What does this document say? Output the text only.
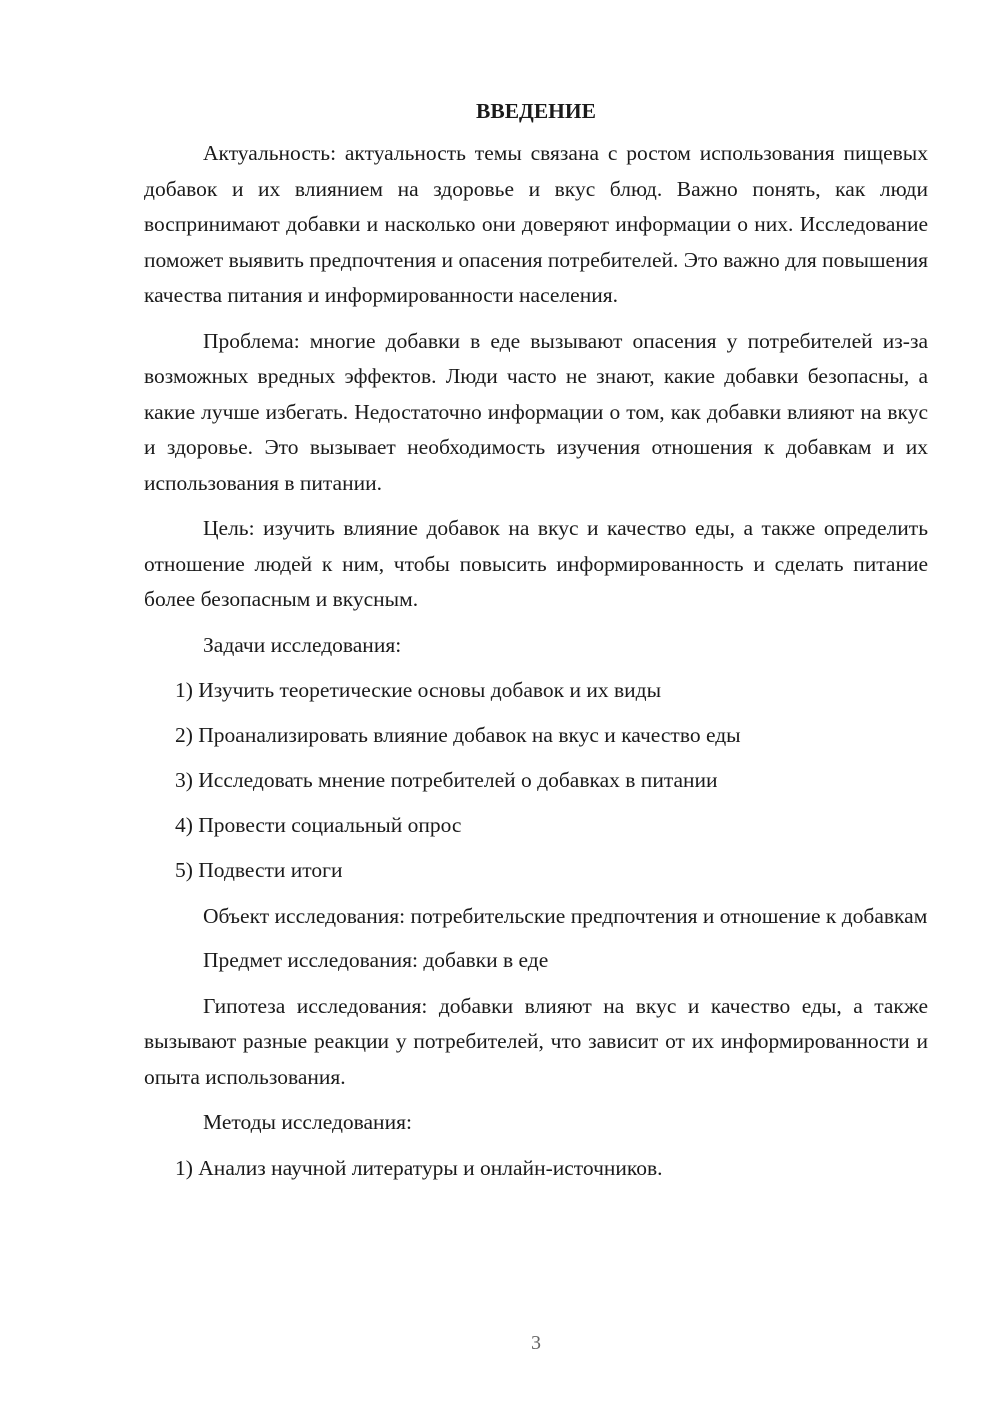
ВВЕДЕНИЕ

Актуальность: актуальность темы связана с ростом использования пищевых добавок и их влиянием на здоровье и вкус блюд. Важно понять, как люди воспринимают добавки и насколько они доверяют информации о них. Исследование поможет выявить предпочтения и опасения потребителей. Это важно для повышения качества питания и информированности населения.

Проблема: многие добавки в еде вызывают опасения у потребителей из-за возможных вредных эффектов. Люди часто не знают, какие добавки безопасны, а какие лучше избегать. Недостаточно информации о том, как добавки влияют на вкус и здоровье. Это вызывает необходимость изучения отношения к добавкам и их использования в питании.

Цель: изучить влияние добавок на вкус и качество еды, а также определить отношение людей к ним, чтобы повысить информированность и сделать питание более безопасным и вкусным.

Задачи исследования:

1) Изучить теоретические основы добавок и их виды
2) Проанализировать влияние добавок на вкус и качество еды
3) Исследовать мнение потребителей о добавках в питании
4) Провести социальный опрос
5) Подвести итоги

Объект исследования: потребительские предпочтения и отношение к добавкам

Предмет исследования: добавки в еде

Гипотеза исследования: добавки влияют на вкус и качество еды, а также вызывают разные реакции у потребителей, что зависит от их информированности и опыта использования.

Методы исследования:

1) Анализ научной литературы и онлайн-источников.
3
